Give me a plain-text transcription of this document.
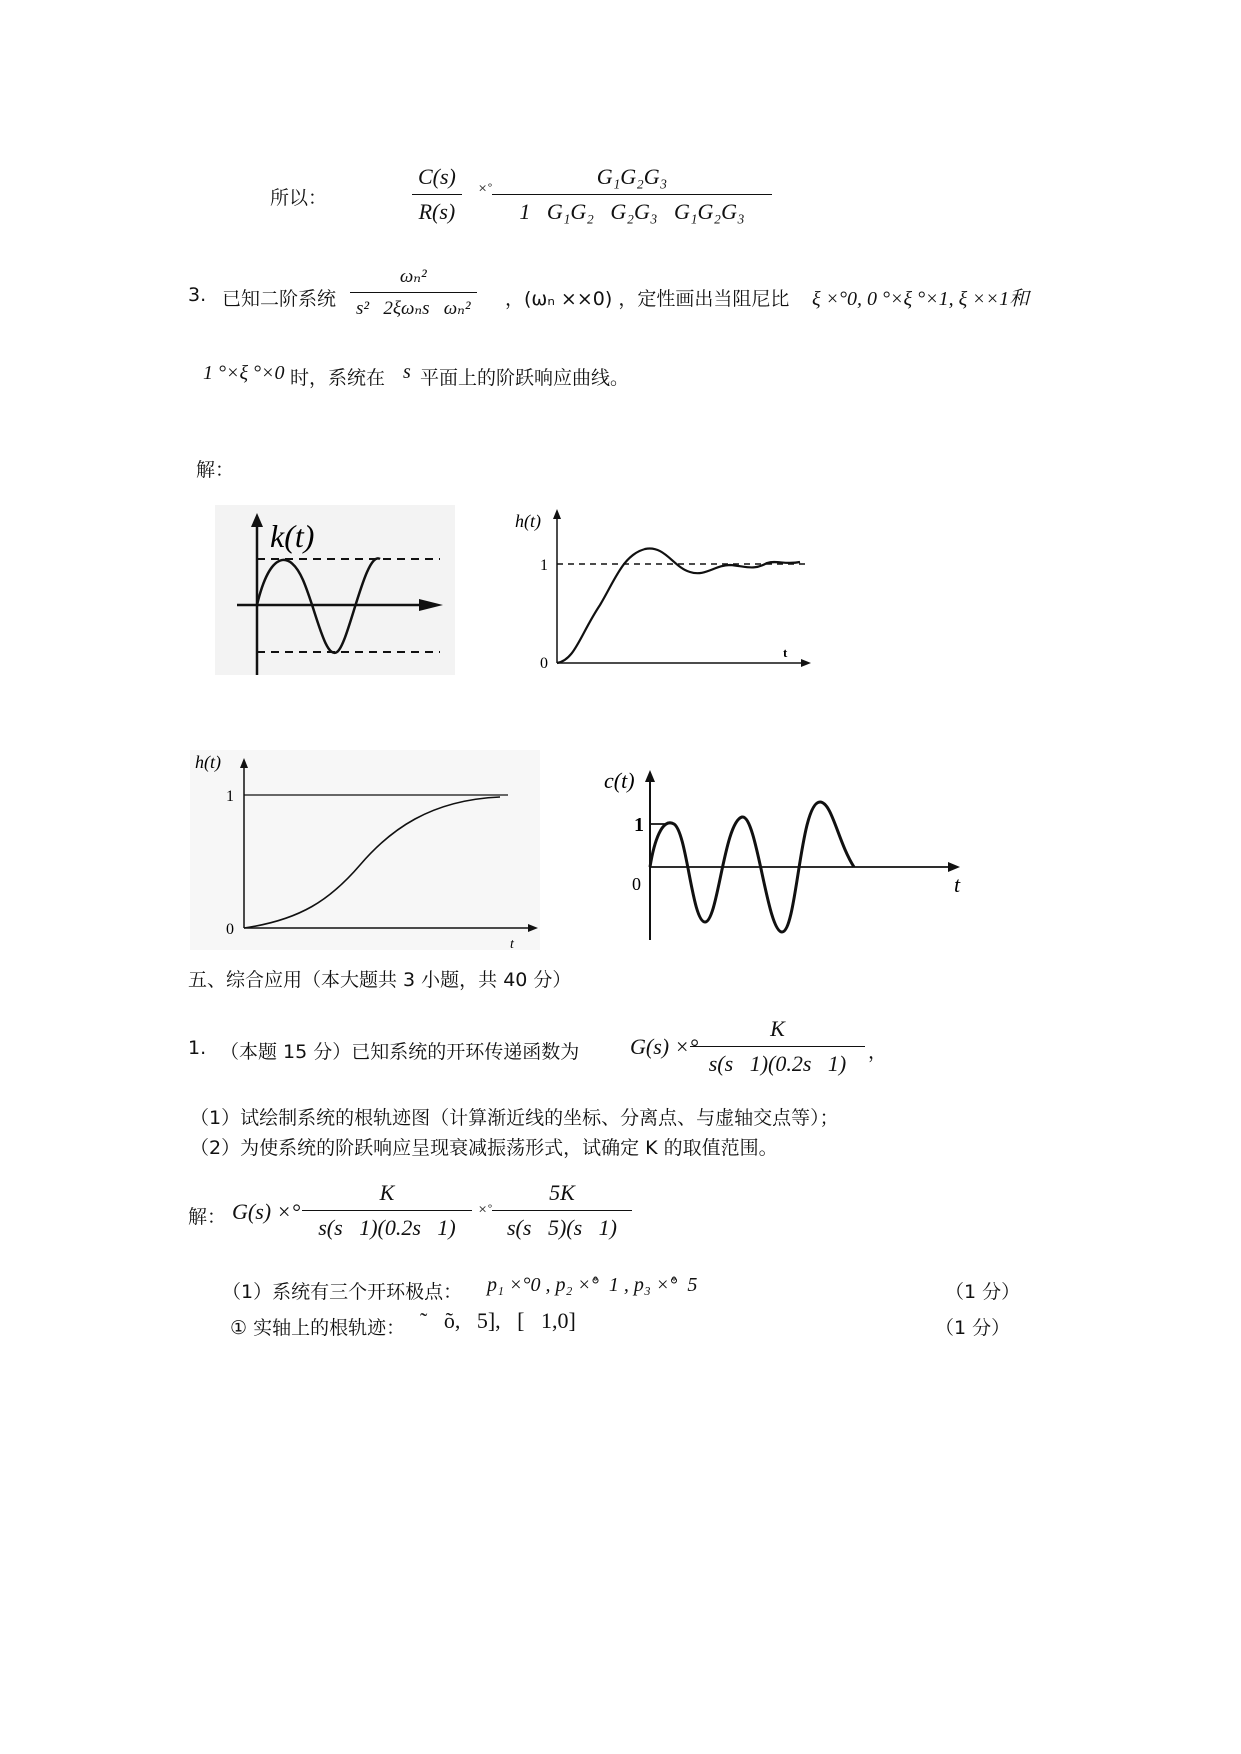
所以：	$\frac{C(s)}{R(s)} ^{\times^\circ} \frac{\text{G₁G₂G₃}}{\text{1   G₁G₂   G₂G₃   G₁G₂G₃}}$
3. 已知二阶系统
ωₙ²
s²   2ξωₙs   ωₙ²	，(ωₙ ××0) ，定性画出当阻尼比 ξ ×°0, 0 °×ξ °×1, ξ ××1和
1 °×ξ °×0 时，系统在 s 平面上的阶跃响应曲线。
解：
k(t)	h(t)
1
0
t
h(t)
1
0
t
c(t)
1
0	t
五、综合应用（本大题共 3 小题，共 40 分）
1. （本题 15 分）已知系统的开环传递函数为 G(s) ×°
$\frac{K}{s(s 1)(0.2s 1)}$ ，
（1）试绘制系统的根轨迹图（计算渐近线的坐标、分离点、与虚轴交点等）；
（2）为使系统的阶跃响应呈现衰减振荡形式，试确定 K 的取值范围。
解： G(s) ×° $\frac{K}{s(s 1)(0.2s 1)} ^{\times^\circ} \frac{5K}{s(s 5)(s 1)}$
（1）系统有三个开环极点： p₁ ×°0 , p₂ ×̊°  1 , p₃ ×̊°  5	（1 分）
① 实轴上的根轨迹： ˜   õ,   5],   [   1,0]	（1 分）
